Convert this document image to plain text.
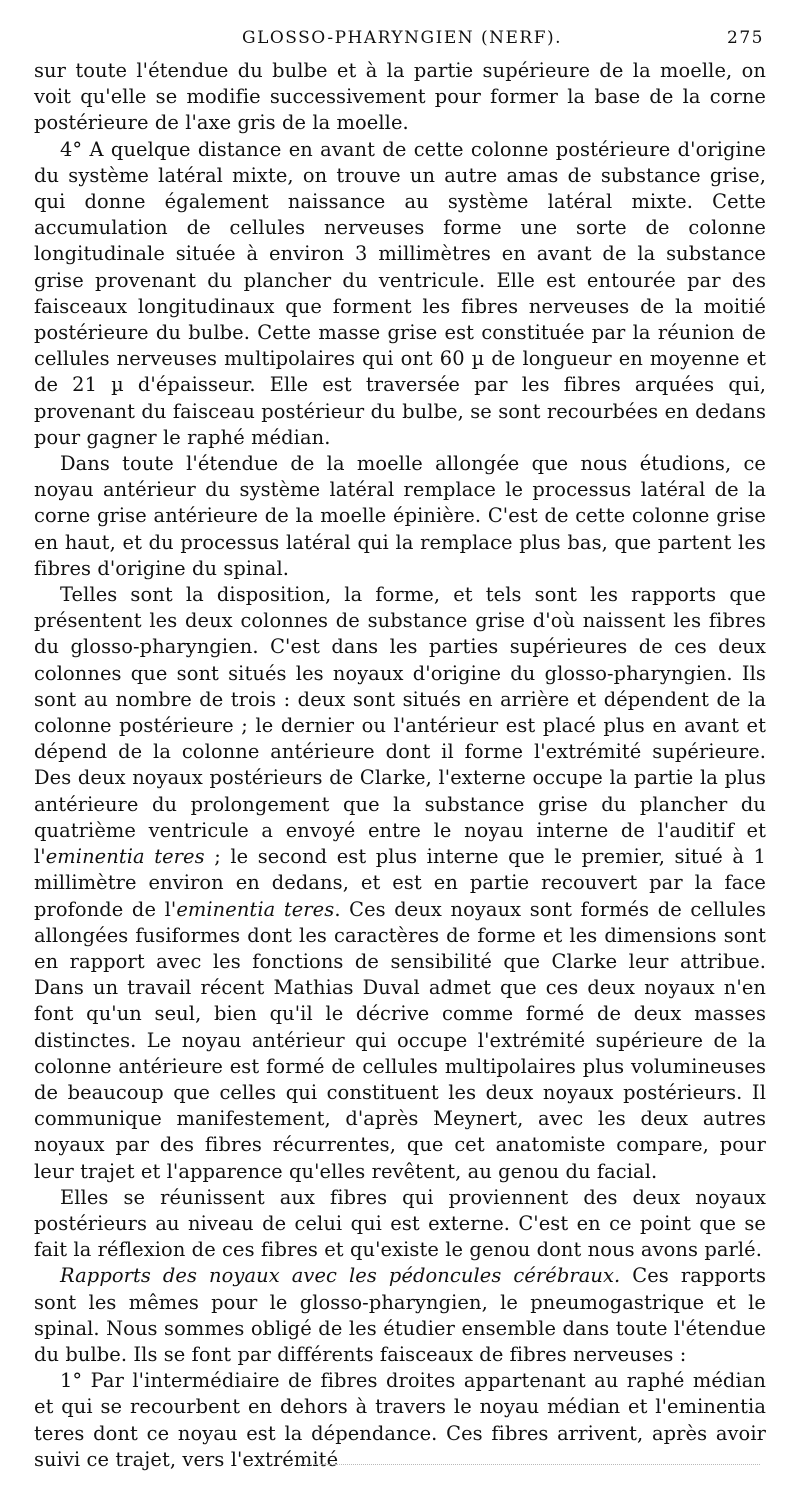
GLOSSO-PHARYNGIEN (NERF).	275

sur toute l'étendue du bulbe et à la partie supérieure de la moelle, on voit qu'elle se modifie successivement pour former la base de la corne postérieure de l'axe gris de la moelle.

4° A quelque distance en avant de cette colonne postérieure d'origine du système latéral mixte, on trouve un autre amas de substance grise, qui donne également naissance au système latéral mixte. Cette accumulation de cellules nerveuses forme une sorte de colonne longitudinale située à environ 3 millimètres en avant de la substance grise provenant du plancher du ventricule. Elle est entourée par des faisceaux longitudinaux que forment les fibres nerveuses de la moitié postérieure du bulbe. Cette masse grise est constituée par la réunion de cellules nerveuses multipolaires qui ont 60 µ de longueur en moyenne et de 21 µ d'épaisseur. Elle est traversée par les fibres arquées qui, provenant du faisceau postérieur du bulbe, se sont recourbées en dedans pour gagner le raphé médian.

Dans toute l'étendue de la moelle allongée que nous étudions, ce noyau antérieur du système latéral remplace le processus latéral de la corne grise antérieure de la moelle épinière. C'est de cette colonne grise en haut, et du processus latéral qui la remplace plus bas, que partent les fibres d'origine du spinal.

Telles sont la disposition, la forme, et tels sont les rapports que présentent les deux colonnes de substance grise d'où naissent les fibres du glosso-pharyngien. C'est dans les parties supérieures de ces deux colonnes que sont situés les noyaux d'origine du glosso-pharyngien. Ils sont au nombre de trois : deux sont situés en arrière et dépendent de la colonne postérieure ; le dernier ou l'antérieur est placé plus en avant et dépend de la colonne antérieure dont il forme l'extrémité supérieure. Des deux noyaux postérieurs de Clarke, l'externe occupe la partie la plus antérieure du prolongement que la substance grise du plancher du quatrième ventricule a envoyé entre le noyau interne de l'auditif et l'eminentia teres ; le second est plus interne que le premier, situé à 1 millimètre environ en dedans, et est en partie recouvert par la face profonde de l'eminentia teres. Ces deux noyaux sont formés de cellules allongées fusiformes dont les caractères de forme et les dimensions sont en rapport avec les fonctions de sensibilité que Clarke leur attribue. Dans un travail récent Mathias Duval admet que ces deux noyaux n'en font qu'un seul, bien qu'il le décrive comme formé de deux masses distinctes. Le noyau antérieur qui occupe l'extrémité supérieure de la colonne antérieure est formé de cellules multipolaires plus volumineuses de beaucoup que celles qui constituent les deux noyaux postérieurs. Il communique manifestement, d'après Meynert, avec les deux autres noyaux par des fibres récurrentes, que cet anatomiste compare, pour leur trajet et l'apparence qu'elles revêtent, au genou du facial.

Elles se réunissent aux fibres qui proviennent des deux noyaux postérieurs au niveau de celui qui est externe. C'est en ce point que se fait la réflexion de ces fibres et qu'existe le genou dont nous avons parlé.

Rapports des noyaux avec les pédoncules cérébraux. Ces rapports sont les mêmes pour le glosso-pharyngien, le pneumogastrique et le spinal. Nous sommes obligé de les étudier ensemble dans toute l'étendue du bulbe. Ils se font par différents faisceaux de fibres nerveuses :

1° Par l'intermédiaire de fibres droites appartenant au raphé médian et qui se recourbent en dehors à travers le noyau médian et l'eminentia teres dont ce noyau est la dépendance. Ces fibres arrivent, après avoir suivi ce trajet, vers l'extrémité
